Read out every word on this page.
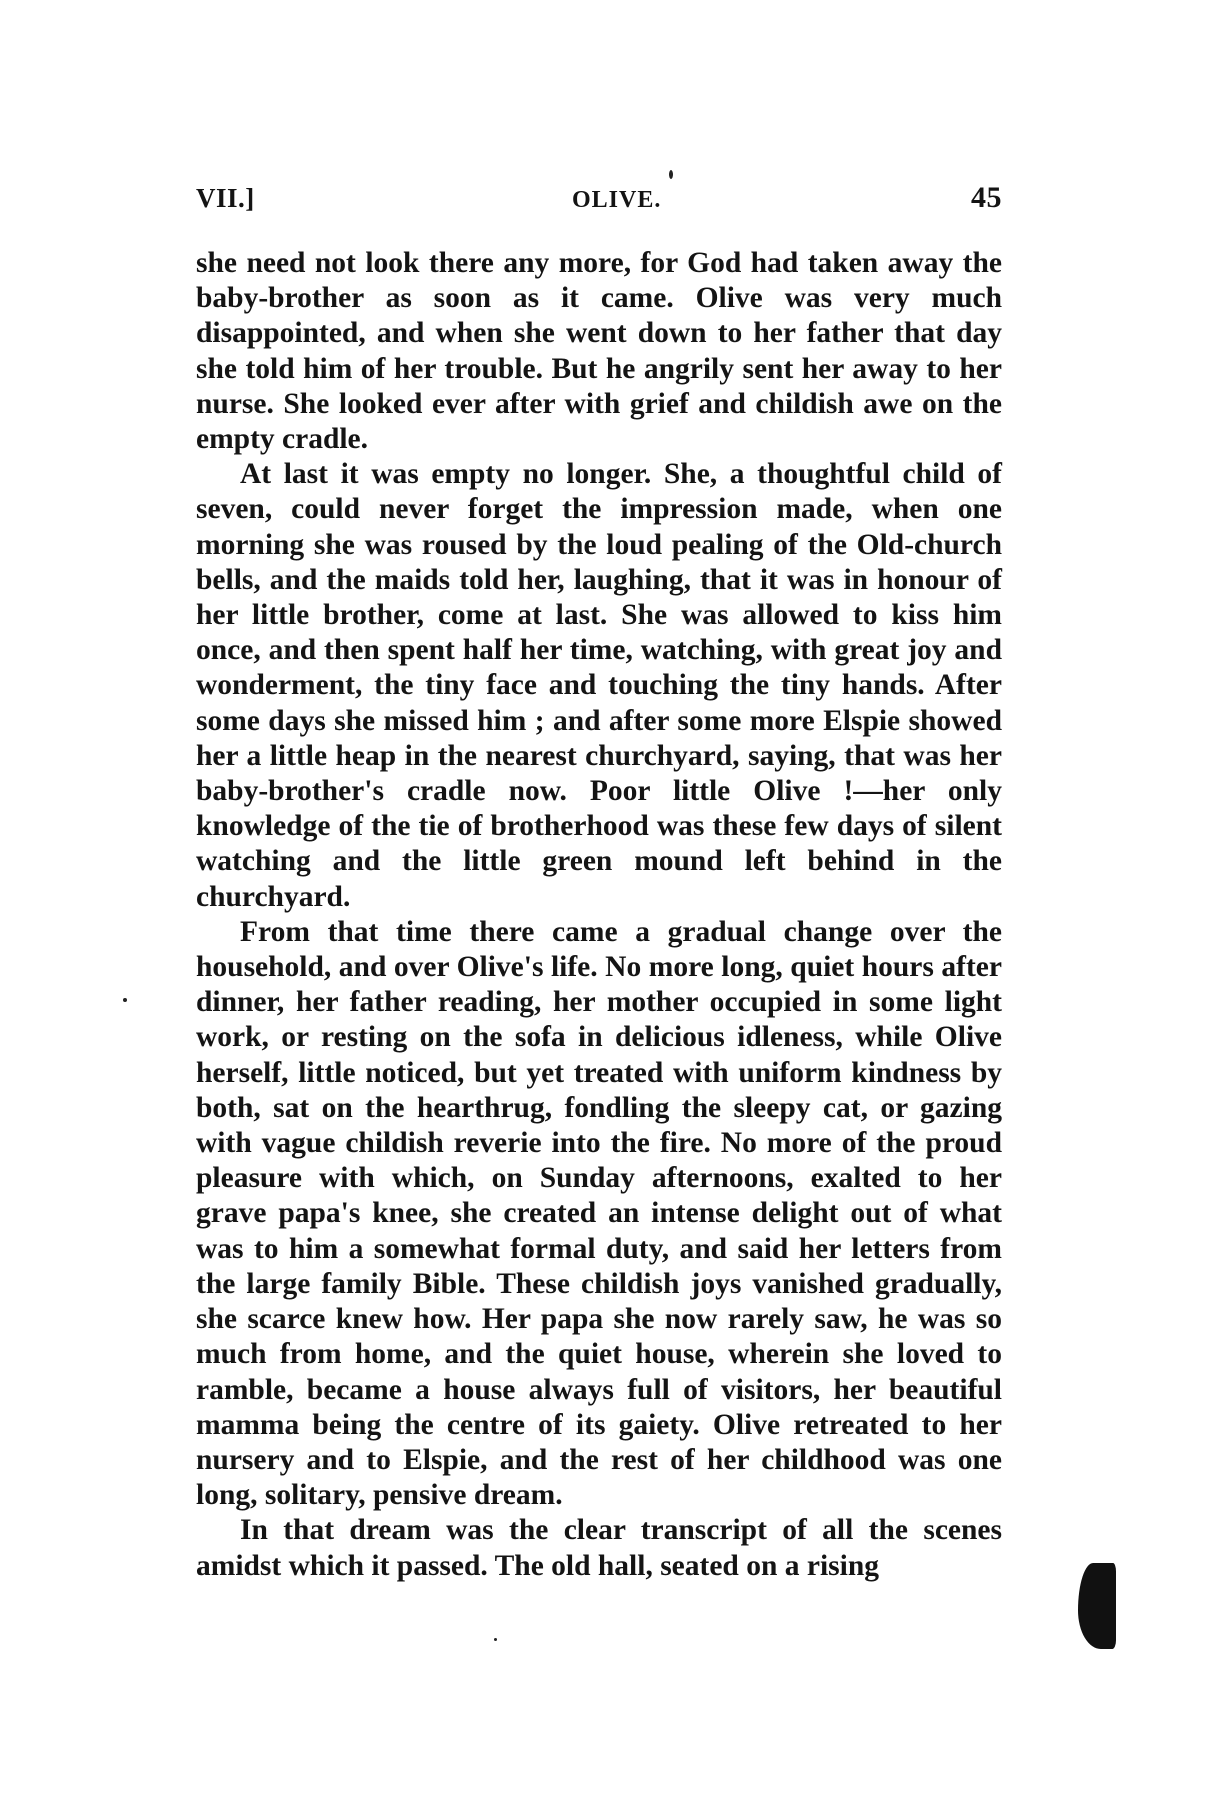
VII.]	OLIVE.	45

she need not look there any more, for God had taken away the baby-brother as soon as it came. Olive was very much disappointed, and when she went down to her father that day she told him of her trouble. But he angrily sent her away to her nurse. She looked ever after with grief and childish awe on the empty cradle.

At last it was empty no longer. She, a thoughtful child of seven, could never forget the impression made, when one morning she was roused by the loud pealing of the Old-church bells, and the maids told her, laughing, that it was in honour of her little brother, come at last. She was allowed to kiss him once, and then spent half her time, watching, with great joy and wonderment, the tiny face and touching the tiny hands. After some days she missed him ; and after some more Elspie showed her a little heap in the nearest churchyard, saying, that was her baby-brother's cradle now. Poor little Olive !—her only knowledge of the tie of brotherhood was these few days of silent watching and the little green mound left behind in the churchyard.

From that time there came a gradual change over the household, and over Olive's life. No more long, quiet hours after dinner, her father reading, her mother occupied in some light work, or resting on the sofa in delicious idleness, while Olive herself, little noticed, but yet treated with uniform kindness by both, sat on the hearthrug, fondling the sleepy cat, or gazing with vague childish reverie into the fire. No more of the proud pleasure with which, on Sunday afternoons, exalted to her grave papa's knee, she created an intense delight out of what was to him a somewhat formal duty, and said her letters from the large family Bible. These childish joys vanished gradually, she scarce knew how. Her papa she now rarely saw, he was so much from home, and the quiet house, wherein she loved to ramble, became a house always full of visitors, her beautiful mamma being the centre of its gaiety. Olive retreated to her nursery and to Elspie, and the rest of her childhood was one long, solitary, pensive dream.

In that dream was the clear transcript of all the scenes amidst which it passed. The old hall, seated on a rising
